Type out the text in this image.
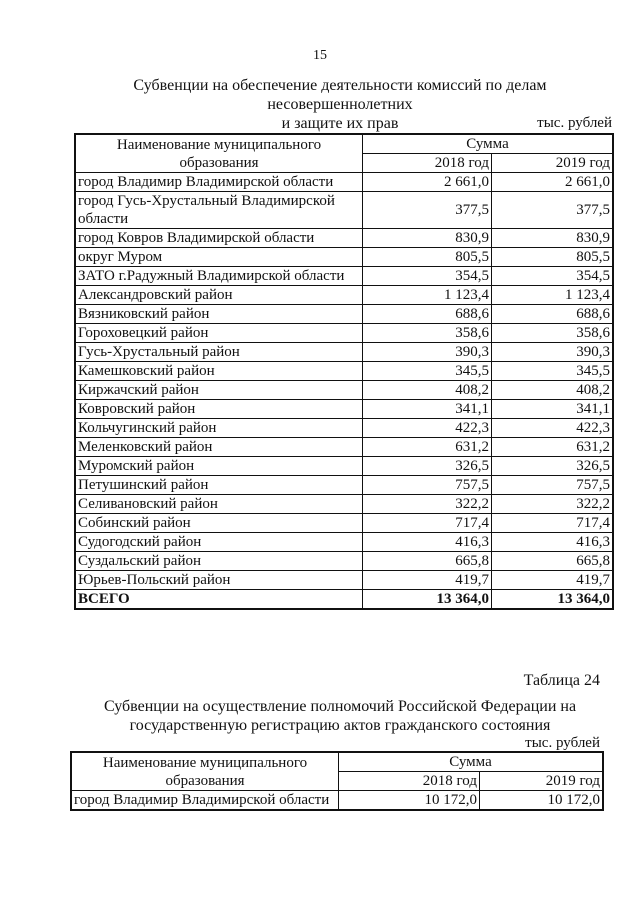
15
Субвенции на обеспечение деятельности комиссий по делам несовершеннолетних
и защите их прав	тыс. рублей
Наименование муниципального образования	Сумма	
	2018 год	2019 год
город Владимир Владимирской области	2 661,0	2 661,0
город Гусь-Хрустальный Владимирской области	377,5	377,5
город Ковров Владимирской области	830,9	830,9
округ Муром	805,5	805,5
ЗАТО г.Радужный Владимирской области	354,5	354,5
Александровский район	1 123,4	1 123,4
Вязниковский район	688,6	688,6
Гороховецкий район	358,6	358,6
Гусь-Хрустальный район	390,3	390,3
Камешковский район	345,5	345,5
Киржачский район	408,2	408,2
Ковровский район	341,1	341,1
Кольчугинский район	422,3	422,3
Меленковский район	631,2	631,2
Муромский район	326,5	326,5
Петушинский район	757,5	757,5
Селивановский район	322,2	322,2
Собинский район	717,4	717,4
Судогодский район	416,3	416,3
Суздальский район	665,8	665,8
Юрьев-Польский район	419,7	419,7
ВСЕГО	13 364,0	13 364,0
Таблица 24
Субвенции на осуществление полномочий Российской Федерации на
государственную регистрацию актов гражданского состояния
тыс. рублей
Наименование муниципального образования	Сумма	
	2018 год	2019 год
город Владимир Владимирской области	10 172,0	10 172,0
